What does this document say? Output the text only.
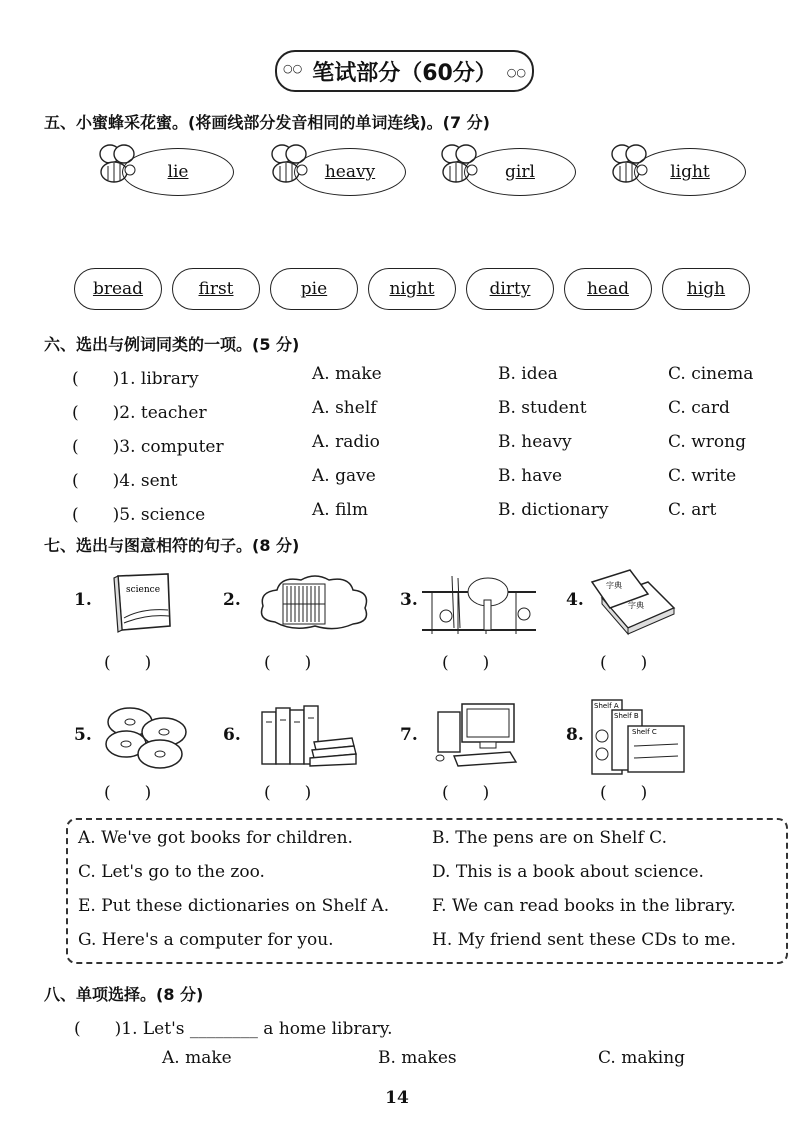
○○ 笔试部分（60分） ○○
五、小蜜蜂采花蜜。(将画线部分发音相同的单词连线)。(7 分)
lie	heavy	girl	light
bread	first	pie	night	dirty	head	high
六、选出与例词同类的一项。(5 分)
(　　)1. library	A. make	B. idea	C. cinema
(　　)2. teacher	A. shelf	B. student	C. card
(　　)3. computer	A. radio	B. heavy	C. wrong
(　　)4. sent	A. gave	B. have	C. write
(　　)5. science	A. film	B. dictionary	C. art
七、选出与图意相符的句子。(8 分)
1.	2.	3.	4.
5.	6.	7.	8.
science	字典
字典
Shelf A
Shelf B
Shelf C
(　　)	(　　)	(　　)	(　　)
(　　)	(　　)	(　　)	(　　)
A. We've got books for children.	B. The pens are on Shelf C.
C. Let's go to the zoo.	D. This is a book about science.
E. Put these dictionaries on Shelf A.	F. We can read books in the library.
G. Here's a computer for you.	H. My friend sent these CDs to me.
八、单项选择。(8 分)
(　　)1. Let's ________ a home library.
A. make	B. makes	C. making
14
